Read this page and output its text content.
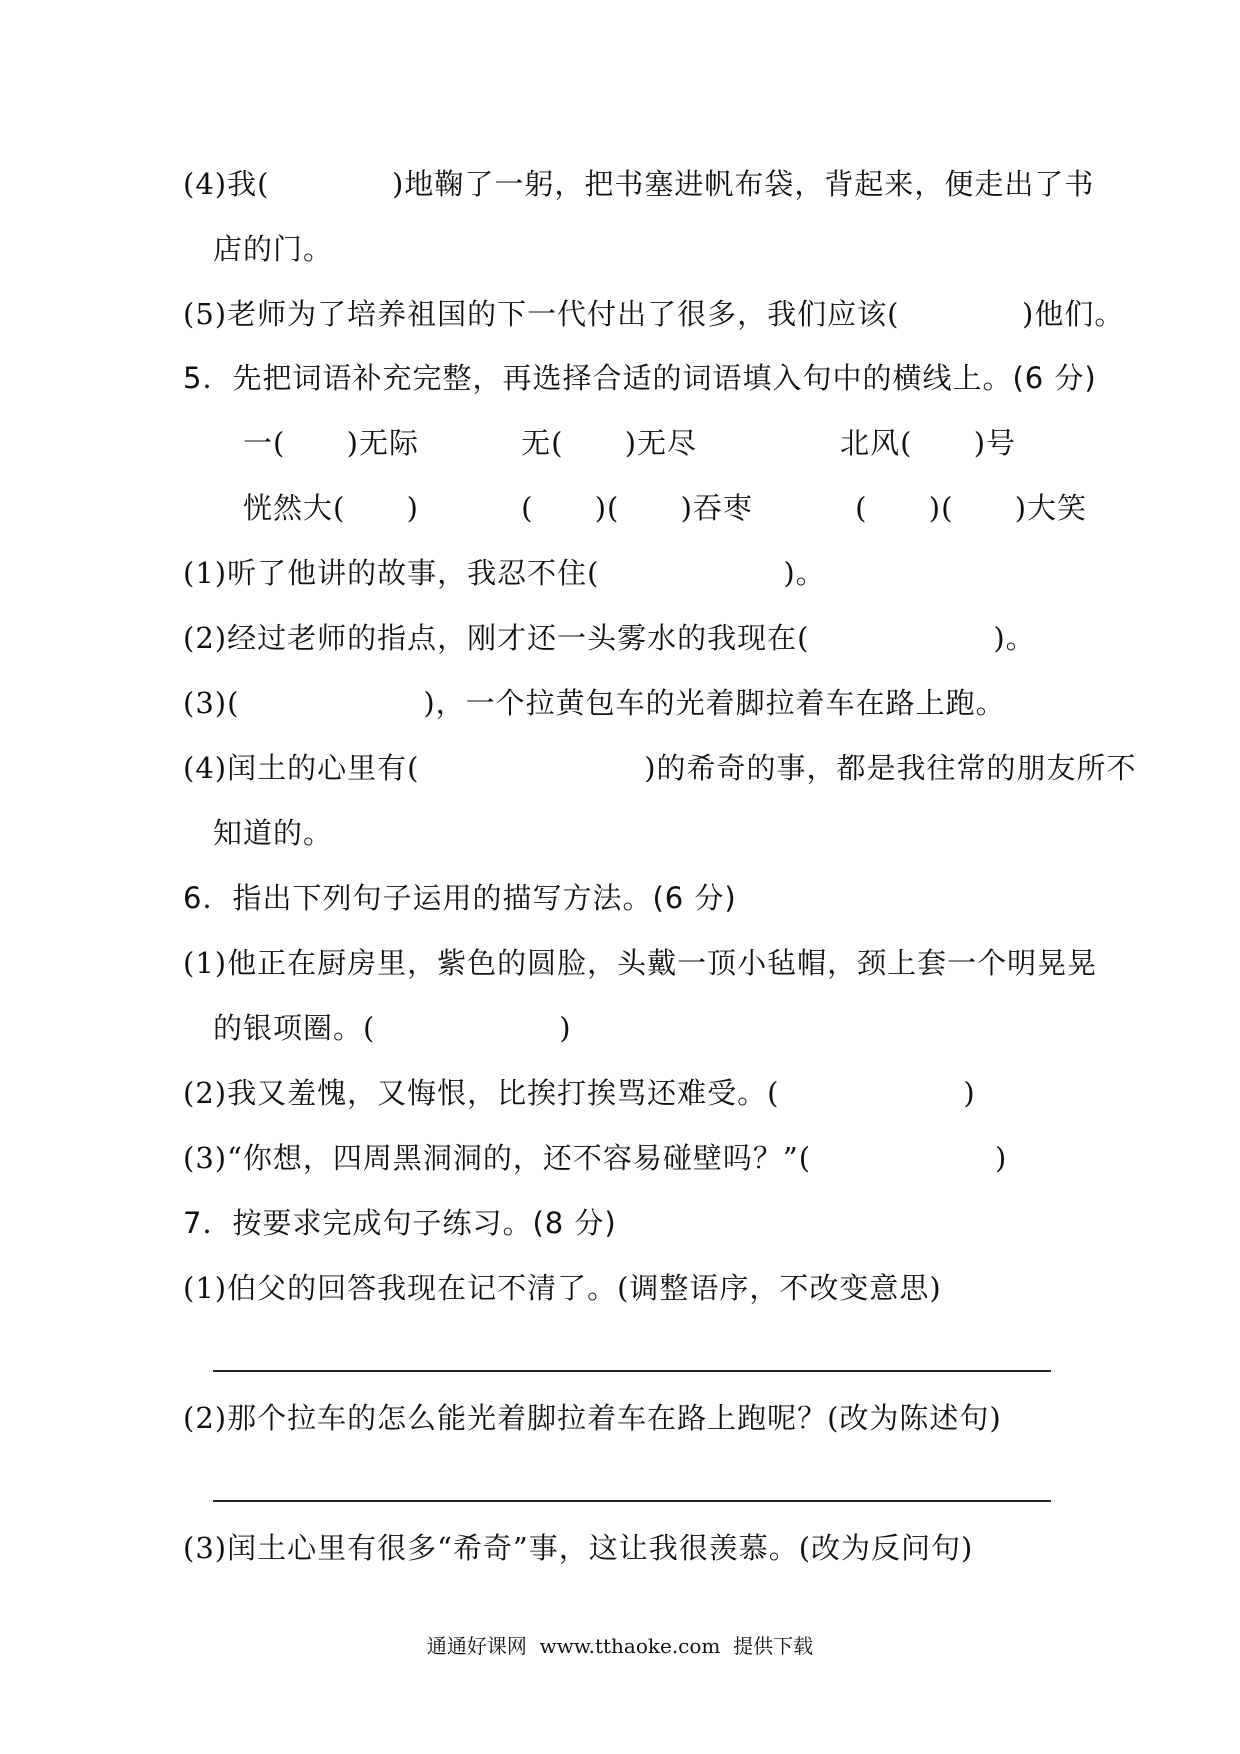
(4)我(            )地鞠了一躬，把书塞进帆布袋，背起来，便走出了书
店的门。
(5)老师为了培养祖国的下一代付出了很多，我们应该(            )他们。
5．先把词语补充完整，再选择合适的词语填入句中的横线上。(6 分)
一(      )无际          无(      )无尽              北风(      )号
恍然大(      )          (      )(      )吞枣          (      )(      )大笑
(1)听了他讲的故事，我忍不住(                  )。
(2)经过老师的指点，刚才还一头雾水的我现在(                  )。
(3)(                  )，一个拉黄包车的光着脚拉着车在路上跑。
(4)闰土的心里有(                      )的希奇的事，都是我往常的朋友所不
知道的。
6．指出下列句子运用的描写方法。(6 分)
(1)他正在厨房里，紫色的圆脸，头戴一顶小毡帽，颈上套一个明晃晃
的银项圈。(                  )
(2)我又羞愧，又悔恨，比挨打挨骂还难受。(                  )
(3)“你想，四周黑洞洞的，还不容易碰壁吗？”(                  )
7．按要求完成句子练习。(8 分)
(1)伯父的回答我现在记不清了。(调整语序，不改变意思)
(2)那个拉车的怎么能光着脚拉着车在路上跑呢？(改为陈述句)
(3)闰土心里有很多“希奇”事，这让我很羡慕。(改为反问句)
通通好课网  www.tthaoke.com  提供下载
